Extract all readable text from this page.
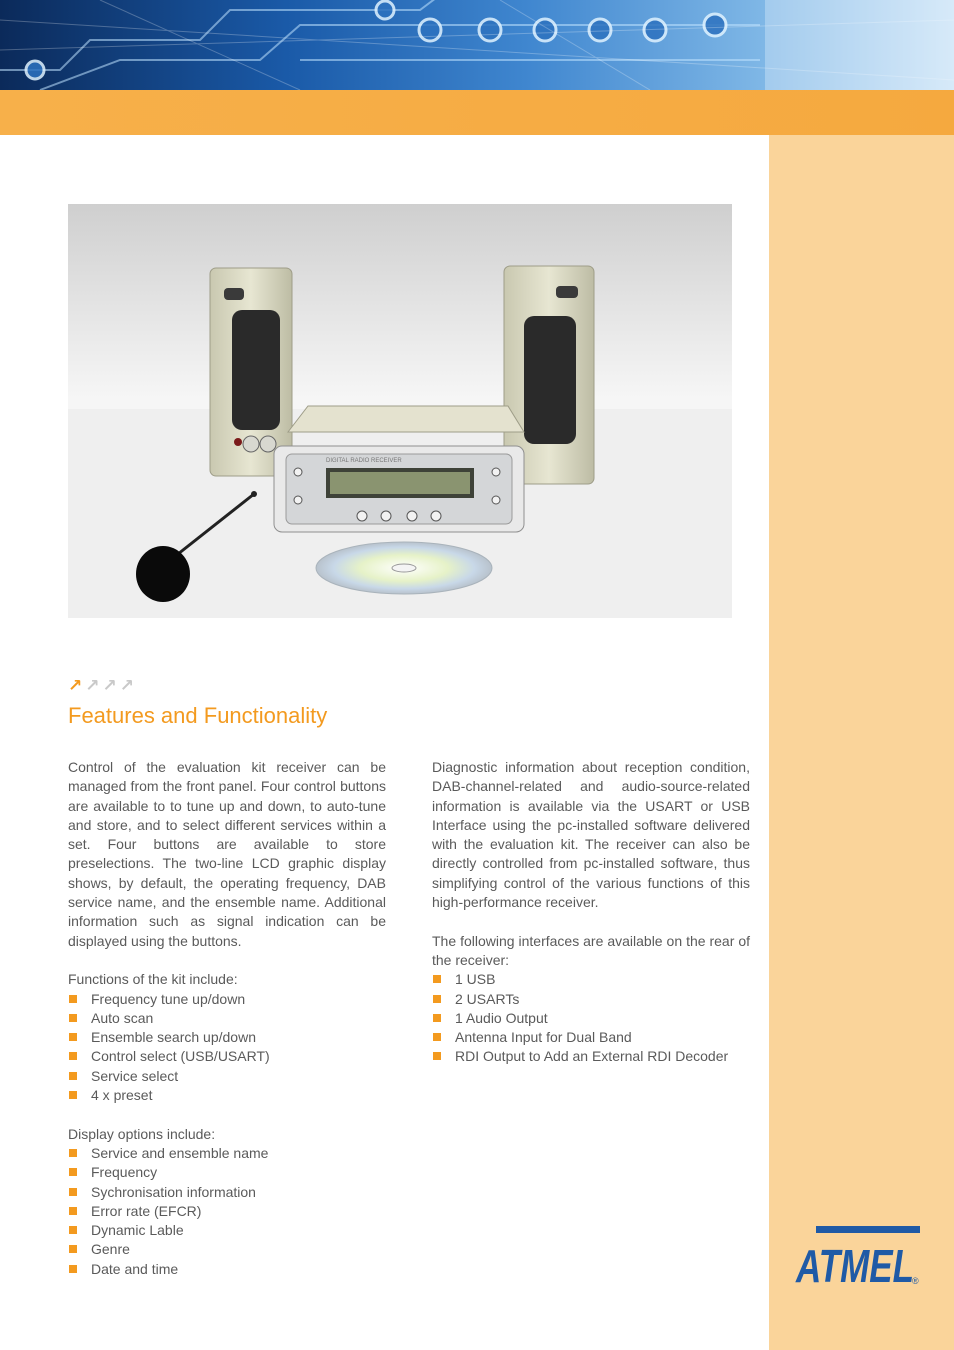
DIGITAL RADIO RECEIVER
↗ ↗ ↗ ↗
Features and Functionality

Control of the evaluation kit receiver can be managed from the front panel. Four control buttons are available to to tune up and down, to auto-tune and store, and to select different services within a set. Four buttons are available to store preselections. The two-line LCD graphic display shows, by default, the operating frequency, DAB service name, and the ensemble name. Additional information such as signal indication can be displayed using the buttons.

Functions of the kit include:

Frequency tune up/down
Auto scan
Ensemble search up/down
Control select (USB/USART)
Service select
4 x preset

Display options include:

Service and ensemble name
Frequency
Sychronisation information
Error rate (EFCR)
Dynamic Lable
Genre
Date and time

Diagnostic information about reception condition, DAB-channel-related and audio-source-related information is available via the USART or USB Interface using the pc-installed software delivered with the evaluation kit. The receiver can also be directly controlled from pc-installed software, thus simplifying control of the various functions of this high-performance receiver.

The following interfaces are available on the rear of the receiver:

1 USB
2 USARTs
1 Audio Output
Antenna Input for Dual Band
RDI Output to Add an External RDI Decoder
ATMEL
®
